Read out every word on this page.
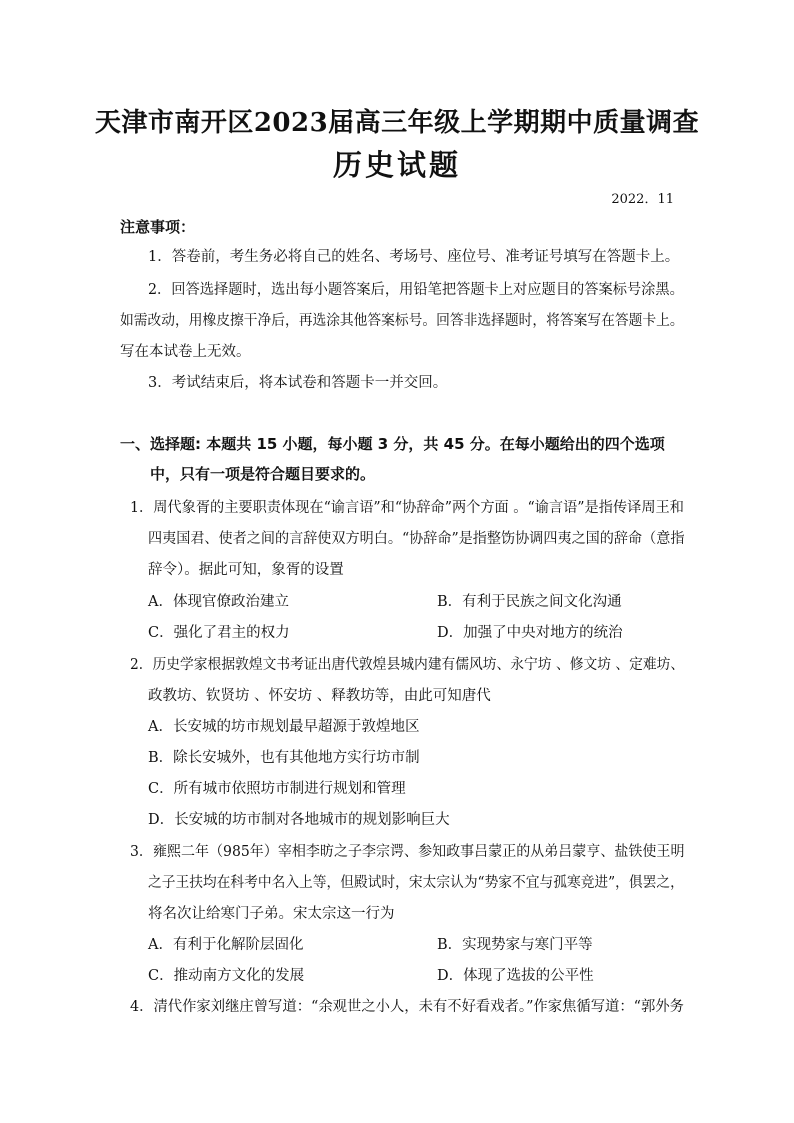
天津市南开区2023届高三年级上学期期中质量调查
历史试题
2022．11
注意事项：
1．答卷前，考生务必将自己的姓名、考场号、座位号、准考证号填写在答题卡上。
2．回答选择题时，选出每小题答案后，用铅笔把答题卡上对应题目的答案标号涂黑。
如需改动，用橡皮擦干净后，再选涂其他答案标号。回答非选择题时，将答案写在答题卡上。
写在本试卷上无效。
3．考试结束后，将本试卷和答题卡一并交回。
一、选择题: 本题共 15 小题，每小题 3 分，共 45 分。在每小题给出的四个选项
中，只有一项是符合题目要求的。
1．周代象胥的主要职责体现在“谕言语”和“协辞命”两个方面 。“谕言语”是指传译周王和
四夷国君、使者之间的言辞使双方明白。“协辞命”是指整饬协调四夷之国的辞命（意指
辞令）。据此可知，象胥的设置
A．体现官僚政治建立	B．有利于民族之间文化沟通
C．强化了君主的权力	D．加强了中央对地方的统治
2．历史学家根据敦煌文书考证出唐代敦煌县城内建有儒风坊、永宁坊 、修文坊 、定难坊、
政教坊、钦贤坊 、怀安坊 、释教坊等，由此可知唐代
A．长安城的坊市规划最早超源于敦煌地区
B．除长安城外，也有其他地方实行坊市制
C．所有城市依照坊市制进行规划和管理
D．长安城的坊市制对各地城市的规划影响巨大
3．雍熙二年（985年）宰相李昉之子李宗谔、参知政事吕蒙正的从弟吕蒙亨、盐铁使王明
之子王扶均在科考中名入上等，但殿试时，宋太宗认为“势家不宜与孤寒竞进”，俱罢之，
将名次让给寒门子弟。宋太宗这一行为
A．有利于化解阶层固化	B．实现势家与寒门平等
C．推动南方文化的发展	D．体现了选拔的公平性
4．清代作家刘继庄曾写道：“余观世之小人，未有不好看戏者。”作家焦循写道：“郭外务
